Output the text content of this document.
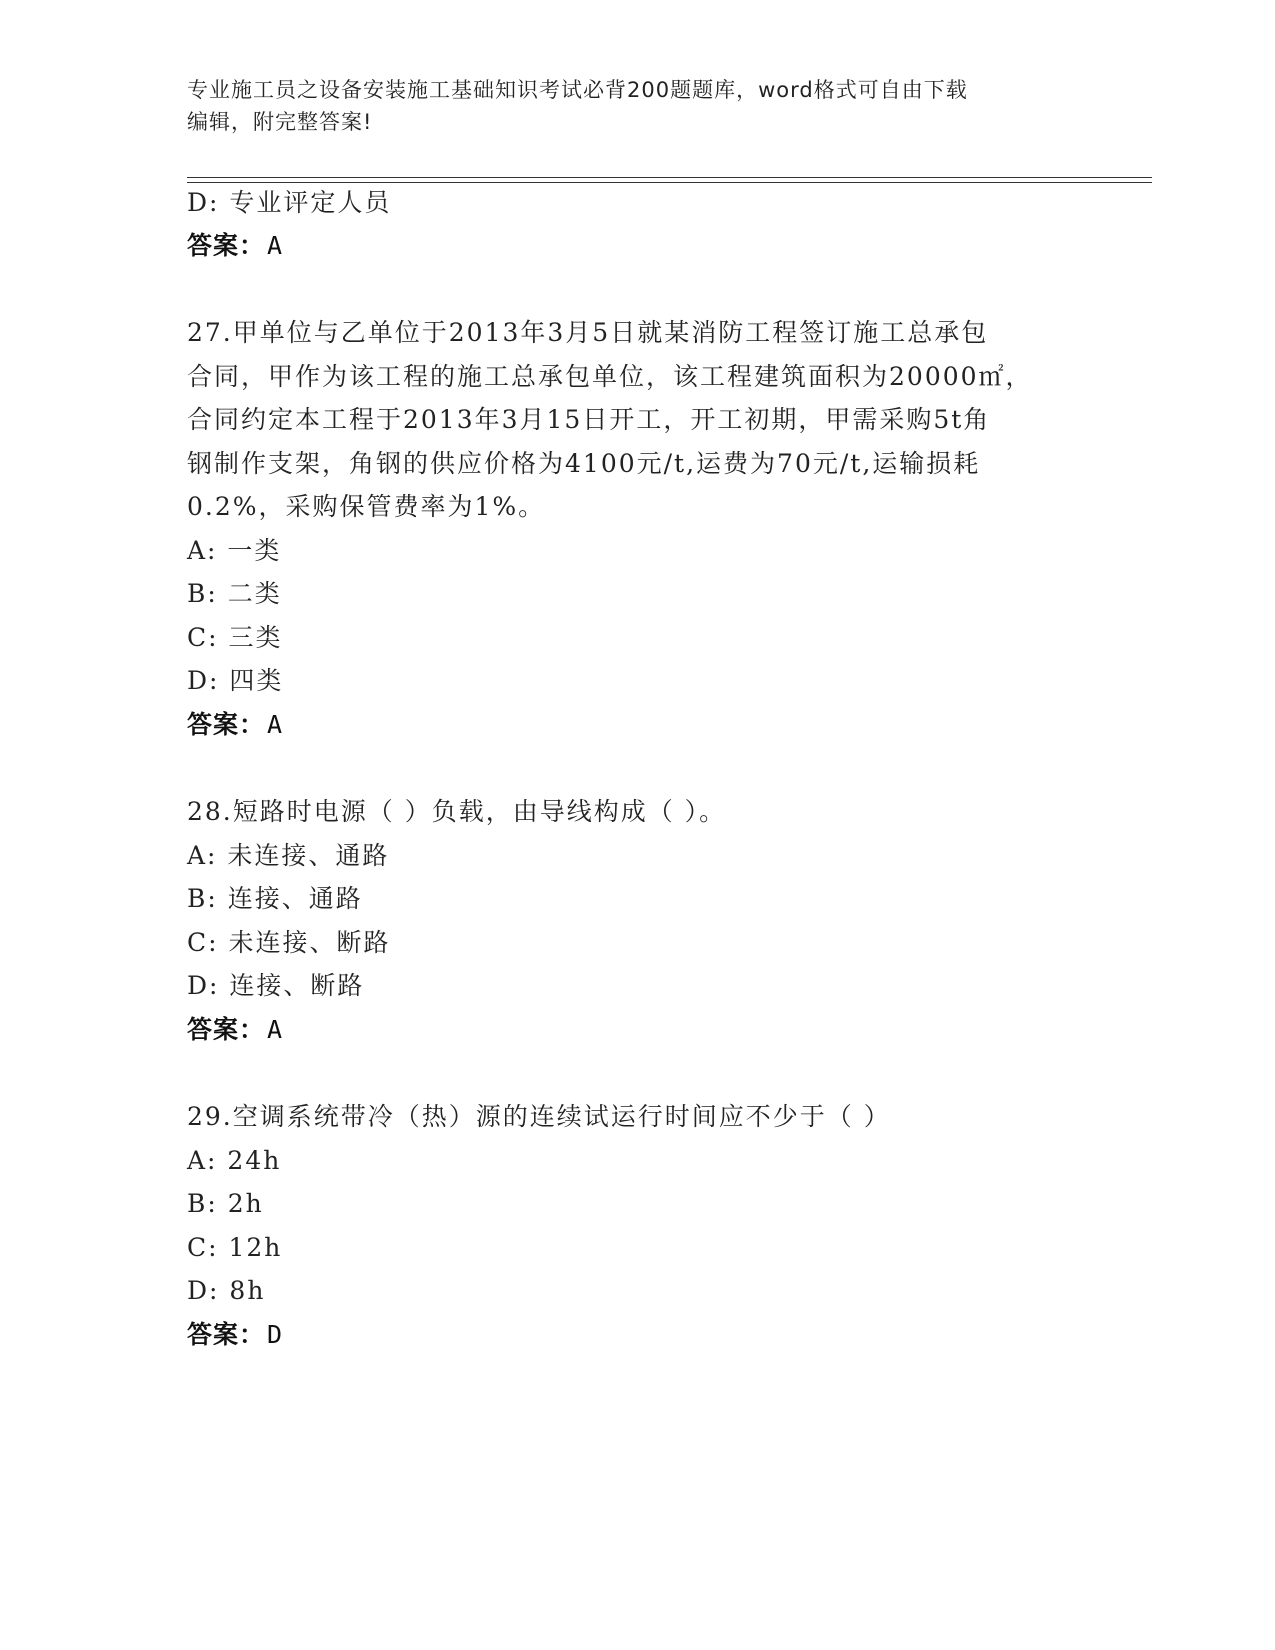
专业施工员之设备安装施工基础知识考试必背200题题库，word格式可自由下载
编辑，附完整答案!
D: 专业评定人员
答案：A
27.甲单位与乙单位于2013年3月5日就某消防工程签订施工总承包
合同，甲作为该工程的施工总承包单位，该工程建筑面积为20000㎡，
合同约定本工程于2013年3月15日开工，开工初期，甲需采购5t角
钢制作支架，角钢的供应价格为4100元/t,运费为70元/t,运输损耗
0.2%，采购保管费率为1%。
A: 一类
B: 二类
C: 三类
D: 四类
答案：A
28.短路时电源（ ）负载，由导线构成（ ）。
A: 未连接、通路
B: 连接、通路
C: 未连接、断路
D: 连接、断路
答案：A
29.空调系统带冷（热）源的连续试运行时间应不少于（ ）
A: 24h
B: 2h
C: 12h
D: 8h
答案：D
